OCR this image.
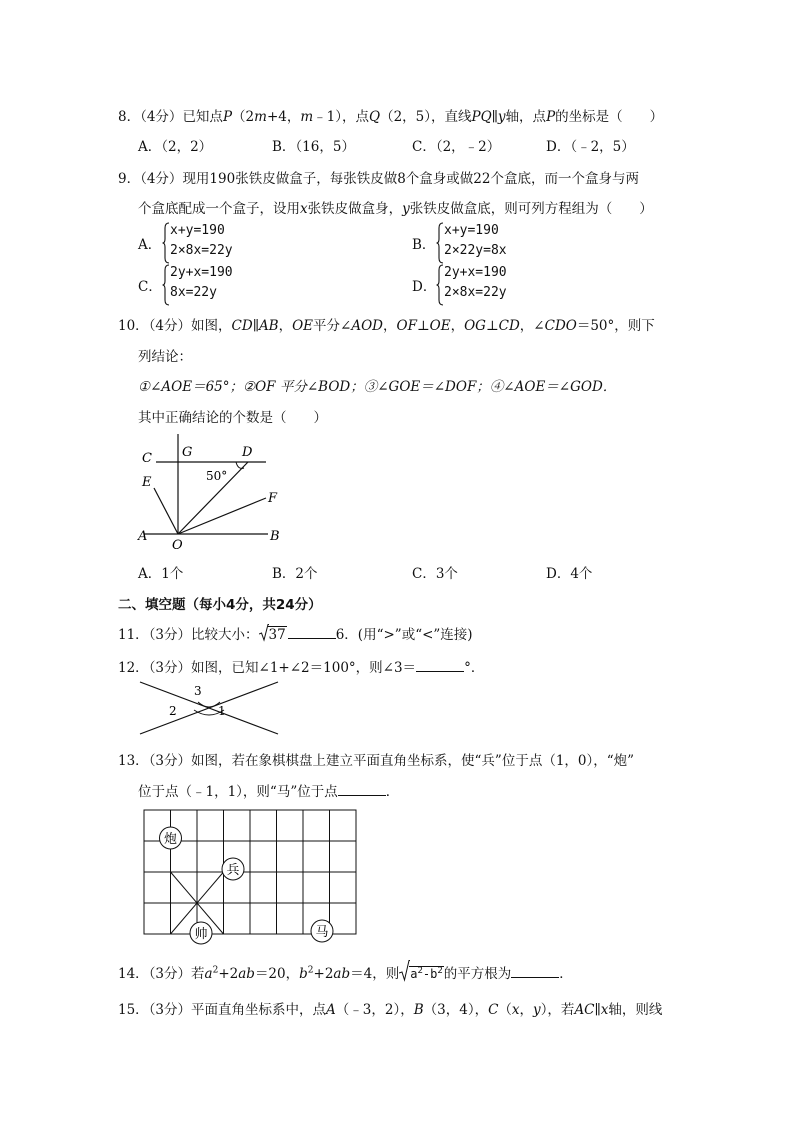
8．（4分）已知点P（2m+4，m﹣1），点Q（2，5），直线PQ∥y轴，点P的坐标是（　　）
A．（2，2）	B．（16，5）	C．（2，﹣2）	D．（﹣2，5）
9．（4分）现用190张铁皮做盒子，每张铁皮做8个盒身或做22个盒底，而一个盒身与两
个盒底配成一个盒子，设用x张铁皮做盒身，y张铁皮做盒底，则可列方程组为（　　）
A．
x+y=190
2×8x=22y	B．
x+y=190
2×22y=8x
C．
2y+x=190
8x=22y	D．
2y+x=190
2×8x=22y
10．（4分）如图，CD∥AB，OE平分∠AOD，OF⊥OE，OG⊥CD，∠CDO＝50°，则下
列结论：
①∠AOE＝65°；②OF 平分∠BOD；③∠GOE＝∠DOF；④∠AOE＝∠GOD．
其中正确结论的个数是（　　）
C G	D
E
F
A
O
B
50°
A．1个	B．2个	C．3个	D．4个
二、填空题（每小4分，共24分）
11．（3分）比较大小： 37	6．(用“>”或“<”连接)
12．（3分）如图，已知∠1+∠2＝100°，则∠3＝	°．
3
2	1
13．（3分）如图，若在象棋棋盘上建立平面直角坐标系，使“兵”位于点（1，0），“炮”
位于点（﹣1，1），则“马”位于点	．
炮
兵
帅	马
14．（3分）若$a^2+2ab=20$，$b^2+2ab=4$，则 $a^2-b^2$的平方根为	．
15．（3分）平面直角坐标系中，点A（﹣3，2），B（3，4），C（x，y），若AC∥x轴，则线
